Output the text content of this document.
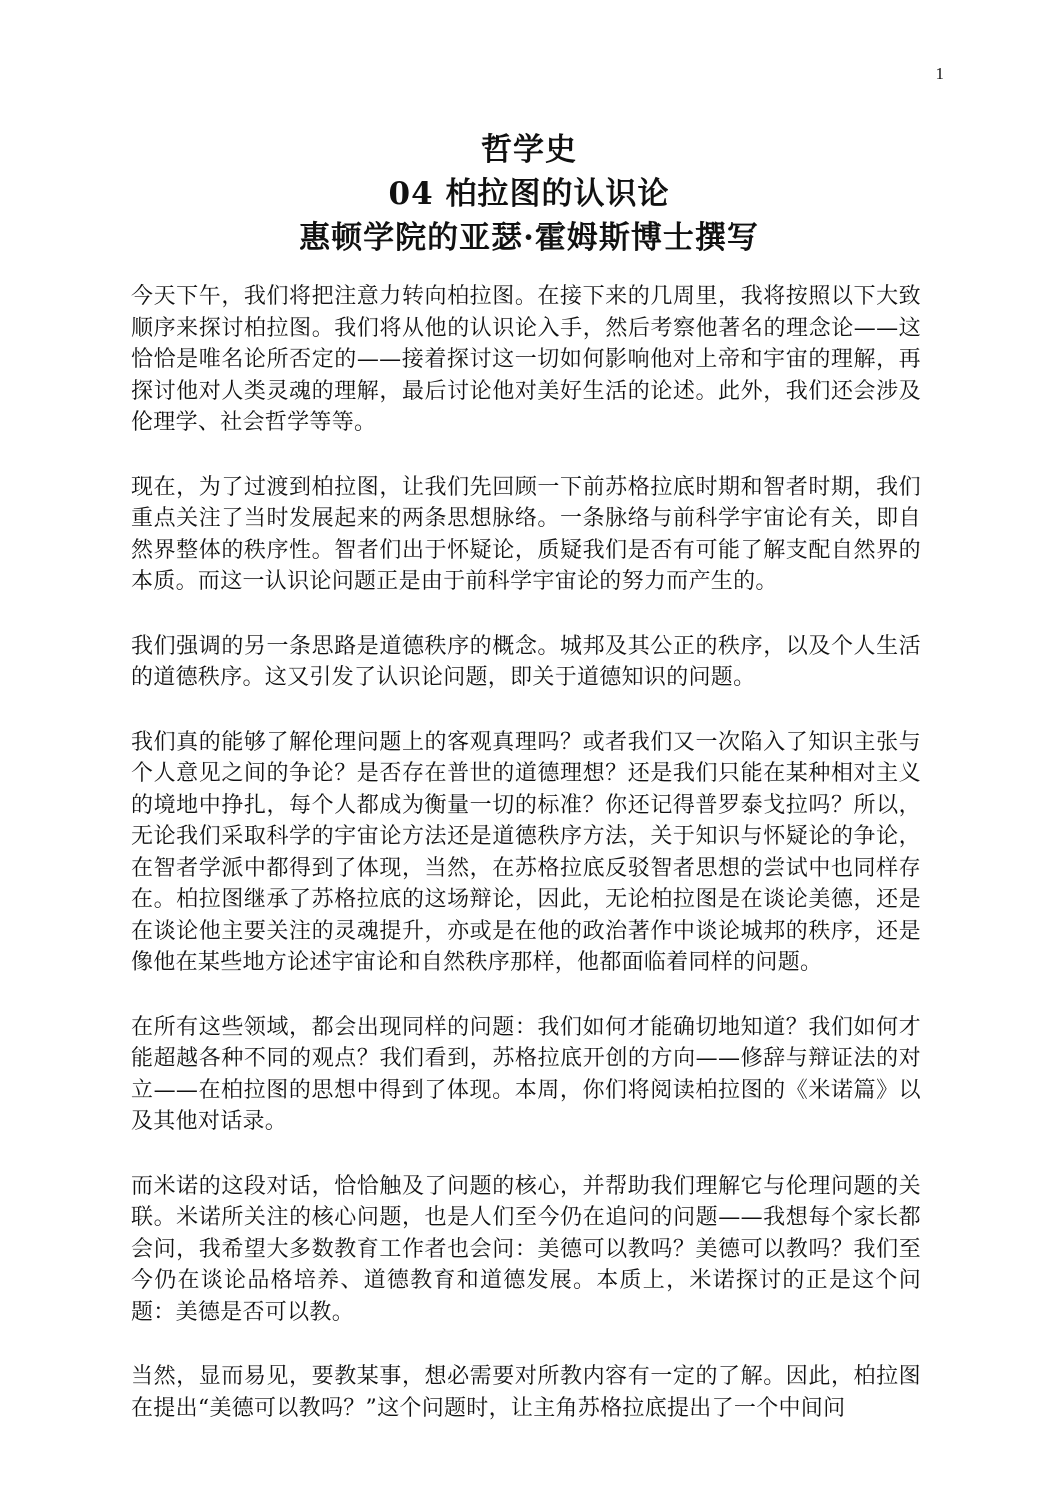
1
哲学史
04 柏拉图的认识论
惠顿学院的亚瑟·霍姆斯博士撰写

今天下午，我们将把注意力转向柏拉图。在接下来的几周里，我将按照以下大致顺序来探讨柏拉图。我们将从他的认识论入手，然后考察他著名的理念论——这恰恰是唯名论所否定的——接着探讨这一切如何影响他对上帝和宇宙的理解，再探讨他对人类灵魂的理解，最后讨论他对美好生活的论述。此外，我们还会涉及伦理学、社会哲学等等。

现在，为了过渡到柏拉图，让我们先回顾一下前苏格拉底时期和智者时期，我们重点关注了当时发展起来的两条思想脉络。一条脉络与前科学宇宙论有关，即自然界整体的秩序性。智者们出于怀疑论，质疑我们是否有可能了解支配自然界的本质。而这一认识论问题正是由于前科学宇宙论的努力而产生的。

我们强调的另一条思路是道德秩序的概念。城邦及其公正的秩序，以及个人生活的道德秩序。这又引发了认识论问题，即关于道德知识的问题。

我们真的能够了解伦理问题上的客观真理吗？或者我们又一次陷入了知识主张与个人意见之间的争论？是否存在普世的道德理想？还是我们只能在某种相对主义的境地中挣扎，每个人都成为衡量一切的标准？你还记得普罗泰戈拉吗？所以，无论我们采取科学的宇宙论方法还是道德秩序方法，关于知识与怀疑论的争论，在智者学派中都得到了体现，当然，在苏格拉底反驳智者思想的尝试中也同样存在。柏拉图继承了苏格拉底的这场辩论，因此，无论柏拉图是在谈论美德，还是在谈论他主要关注的灵魂提升，亦或是在他的政治著作中谈论城邦的秩序，还是像他在某些地方论述宇宙论和自然秩序那样，他都面临着同样的问题。

在所有这些领域，都会出现同样的问题：我们如何才能确切地知道？我们如何才能超越各种不同的观点？我们看到，苏格拉底开创的方向——修辞与辩证法的对立——在柏拉图的思想中得到了体现。本周，你们将阅读柏拉图的《米诺篇》以及其他对话录。

而米诺的这段对话，恰恰触及了问题的核心，并帮助我们理解它与伦理问题的关联。米诺所关注的核心问题，也是人们至今仍在追问的问题——我想每个家长都会问，我希望大多数教育工作者也会问：美德可以教吗？美德可以教吗？我们至今仍在谈论品格培养、道德教育和道德发展。本质上，米诺探讨的正是这个问题：美德是否可以教。

当然，显而易见，要教某事，想必需要对所教内容有一定的了解。因此，柏拉图在提出“美德可以教吗？”这个问题时，让主角苏格拉底提出了一个中间问
